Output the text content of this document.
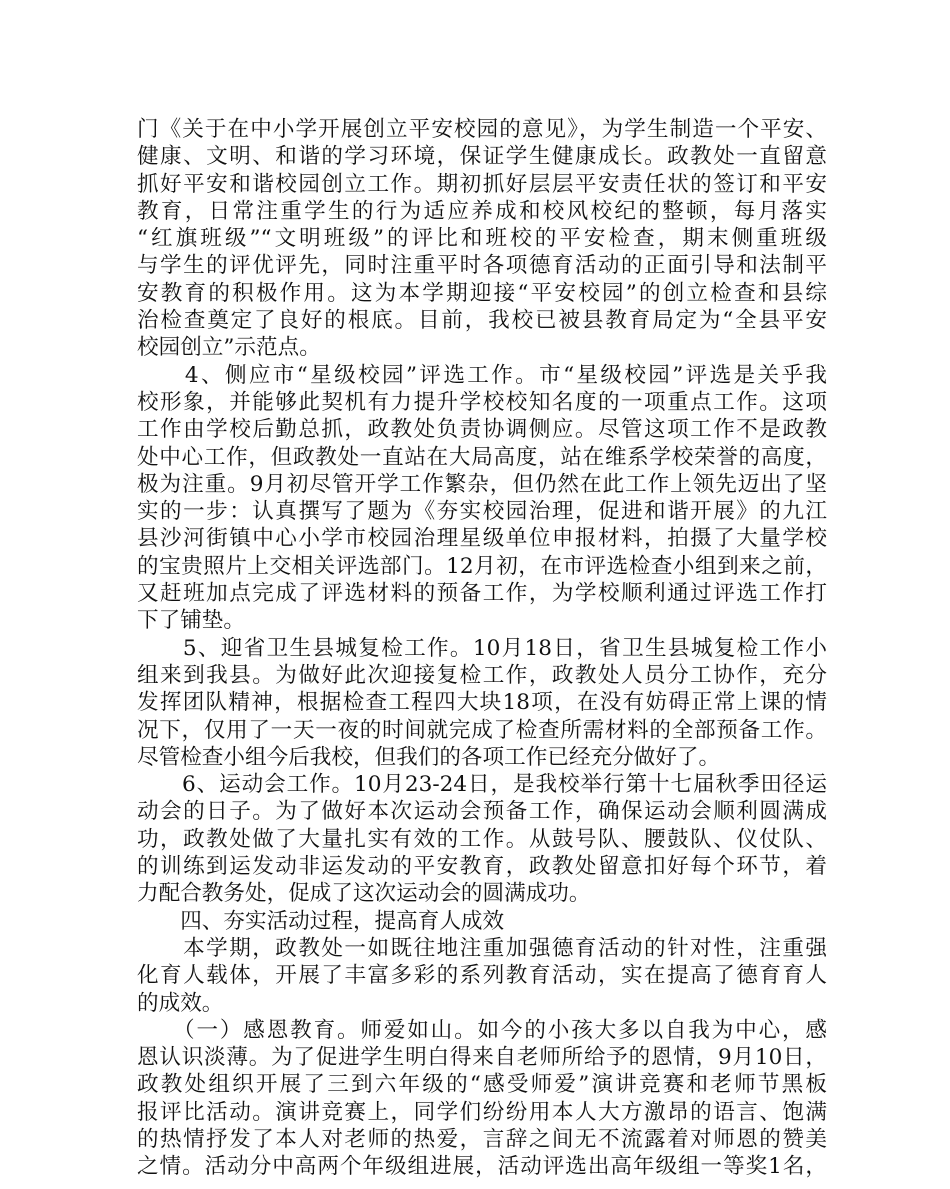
门《关于在中小学开展创立平安校园的意见》，为学生制造一个平安、
健康、文明、和谐的学习环境，保证学生健康成长。政教处一直留意
抓好平安和谐校园创立工作。期初抓好层层平安责任状的签订和平安
教育，日常注重学生的行为适应养成和校风校纪的整顿，每月落实
“红旗班级”“文明班级”的评比和班校的平安检查，期末侧重班级
与学生的评优评先，同时注重平时各项德育活动的正面引导和法制平
安教育的积极作用。这为本学期迎接“平安校园”的创立检查和县综
治检查奠定了良好的根底。目前，我校已被县教育局定为“全县平安
校园创立”示范点。
　　4、侧应市“星级校园”评选工作。市“星级校园”评选是关乎我
校形象，并能够此契机有力提升学校校知名度的一项重点工作。这项
工作由学校后勤总抓，政教处负责协调侧应。尽管这项工作不是政教
处中心工作，但政教处一直站在大局高度，站在维系学校荣誉的高度，
极为注重。9月初尽管开学工作繁杂，但仍然在此工作上领先迈出了坚
实的一步：认真撰写了题为《夯实校园治理，促进和谐开展》的九江
县沙河街镇中心小学市校园治理星级单位申报材料，拍摄了大量学校
的宝贵照片上交相关评选部门。12月初，在市评选检查小组到来之前，
又赶班加点完成了评选材料的预备工作，为学校顺利通过评选工作打
下了铺垫。
　　5、迎省卫生县城复检工作。10月18日，省卫生县城复检工作小
组来到我县。为做好此次迎接复检工作，政教处人员分工协作，充分
发挥团队精神，根据检查工程四大块18项，在没有妨碍正常上课的情
况下，仅用了一天一夜的时间就完成了检查所需材料的全部预备工作。
尽管检查小组今后我校，但我们的各项工作已经充分做好了。
　　6、运动会工作。10月23-24日，是我校举行第十七届秋季田径运
动会的日子。为了做好本次运动会预备工作，确保运动会顺利圆满成
功，政教处做了大量扎实有效的工作。从鼓号队、腰鼓队、仪仗队、
的训练到运发动非运发动的平安教育，政教处留意扣好每个环节，着
力配合教务处，促成了这次运动会的圆满成功。
　　四、夯实活动过程，提高育人成效
　　本学期，政教处一如既往地注重加强德育活动的针对性，注重强
化育人载体，开展了丰富多彩的系列教育活动，实在提高了德育育人
的成效。
　　（一）感恩教育。师爱如山。如今的小孩大多以自我为中心，感
恩认识淡薄。为了促进学生明白得来自老师所给予的恩情，9月10日，
政教处组织开展了三到六年级的“感受师爱”演讲竞赛和老师节黑板
报评比活动。演讲竞赛上，同学们纷纷用本人大方激昂的语言、饱满
的热情抒发了本人对老师的热爱，言辞之间无不流露着对师恩的赞美
之情。活动分中高两个年级组进展，活动评选出高年级组一等奖1名，
